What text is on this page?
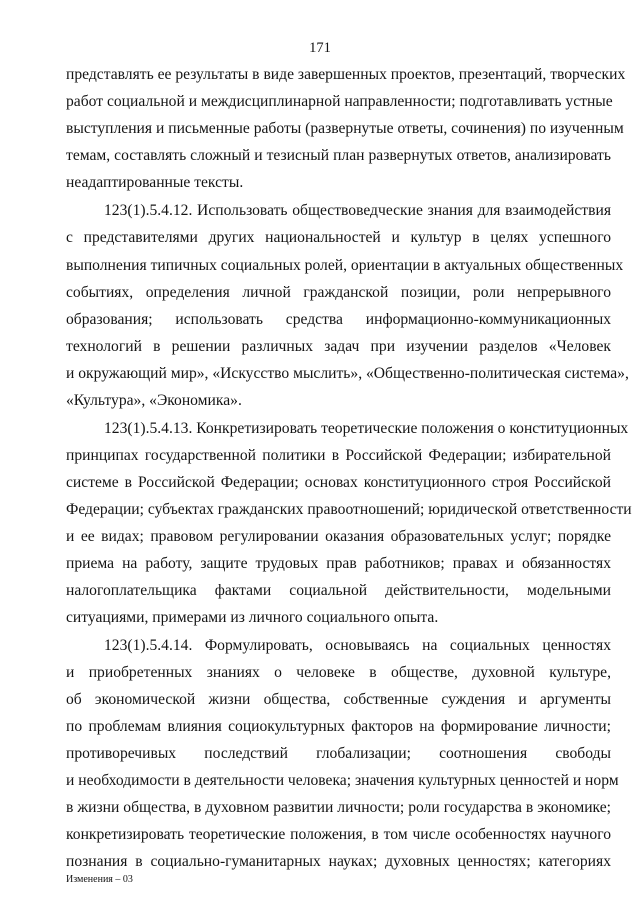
171
представлять ее результаты в виде завершенных проектов, презентаций, творческих
работ социальной и междисциплинарной направленности; подготавливать устные
выступления и письменные работы (развернутые ответы, сочинения) по изученным
темам, составлять сложный и тезисный план развернутых ответов, анализировать
неадаптированные тексты.
123(1).5.4.12. Использовать обществоведческие знания для взаимодействия
с представителями других национальностей и культур в целях успешного
выполнения типичных социальных ролей, ориентации в актуальных общественных
событиях, определения личной гражданской позиции, роли непрерывного
образования; использовать средства информационно-коммуникационных
технологий в решении различных задач при изучении разделов «Человек
и окружающий мир», «Искусство мыслить», «Общественно-политическая система»,
«Культура», «Экономика».
123(1).5.4.13. Конкретизировать теоретические положения о конституционных
принципах государственной политики в Российской Федерации; избирательной
системе в Российской Федерации; основах конституционного строя Российской
Федерации; субъектах гражданских правоотношений; юридической ответственности
и ее видах; правовом регулировании оказания образовательных услуг; порядке
приема на работу, защите трудовых прав работников; правах и обязанностях
налогоплательщика фактами социальной действительности, модельными
ситуациями, примерами из личного социального опыта.
123(1).5.4.14. Формулировать, основываясь на социальных ценностях
и приобретенных знаниях о человеке в обществе, духовной культуре,
об экономической жизни общества, собственные суждения и аргументы
по проблемам влияния социокультурных факторов на формирование личности;
противоречивых последствий глобализации; соотношения свободы
и необходимости в деятельности человека; значения культурных ценностей и норм
в жизни общества, в духовном развитии личности; роли государства в экономике;
конкретизировать теоретические положения, в том числе особенностях научного
познания в социально-гуманитарных науках; духовных ценностях; категориях
Изменения – 03
